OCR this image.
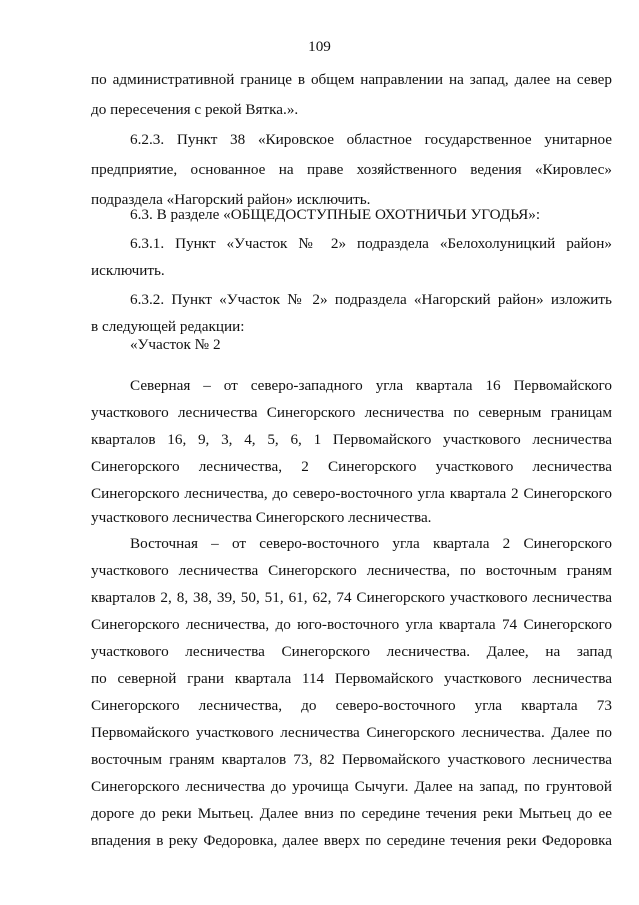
109
по административной границе в общем направлении на запад, далее на север
до пересечения с рекой Вятка.».
6.2.3. Пункт 38 «Кировское областное государственное унитарное
предприятие, основанное на праве хозяйственного ведения «Кировлес»
подраздела «Нагорский район» исключить.
6.3. В разделе «ОБЩЕДОСТУПНЫЕ ОХОТНИЧЬИ УГОДЬЯ»:
6.3.1. Пункт «Участок № 2» подраздела «Белохолуницкий район»
исключить.
6.3.2. Пункт «Участок № 2» подраздела «Нагорский район» изложить
в следующей редакции:
«Участок № 2
Северная – от северо-западного угла квартала 16 Первомайского
участкового лесничества Синегорского лесничества по северным границам
кварталов 16, 9, 3, 4, 5, 6, 1 Первомайского участкового лесничества
Синегорского лесничества, 2 Синегорского участкового лесничества
Синегорского лесничества, до северо-восточного угла квартала 2 Синегорского
участкового лесничества Синегорского лесничества.
Восточная – от северо-восточного угла квартала 2 Синегорского
участкового лесничества Синегорского лесничества, по восточным граням
кварталов 2, 8, 38, 39, 50, 51, 61, 62, 74 Синегорского участкового лесничества
Синегорского лесничества, до юго-восточного угла квартала 74 Синегорского
участкового лесничества Синегорского лесничества. Далее, на запад
по северной грани квартала 114 Первомайского участкового лесничества
Синегорского лесничества, до северо-восточного угла квартала 73
Первомайского участкового лесничества Синегорского лесничества. Далее по
восточным граням кварталов 73, 82 Первомайского участкового лесничества
Синегорского лесничества до урочища Сычуги. Далее на запад, по грунтовой
дороге до реки Мытьец. Далее вниз по середине течения реки Мытьец до ее
впадения в реку Федоровка, далее вверх по середине течения реки Федоровка
